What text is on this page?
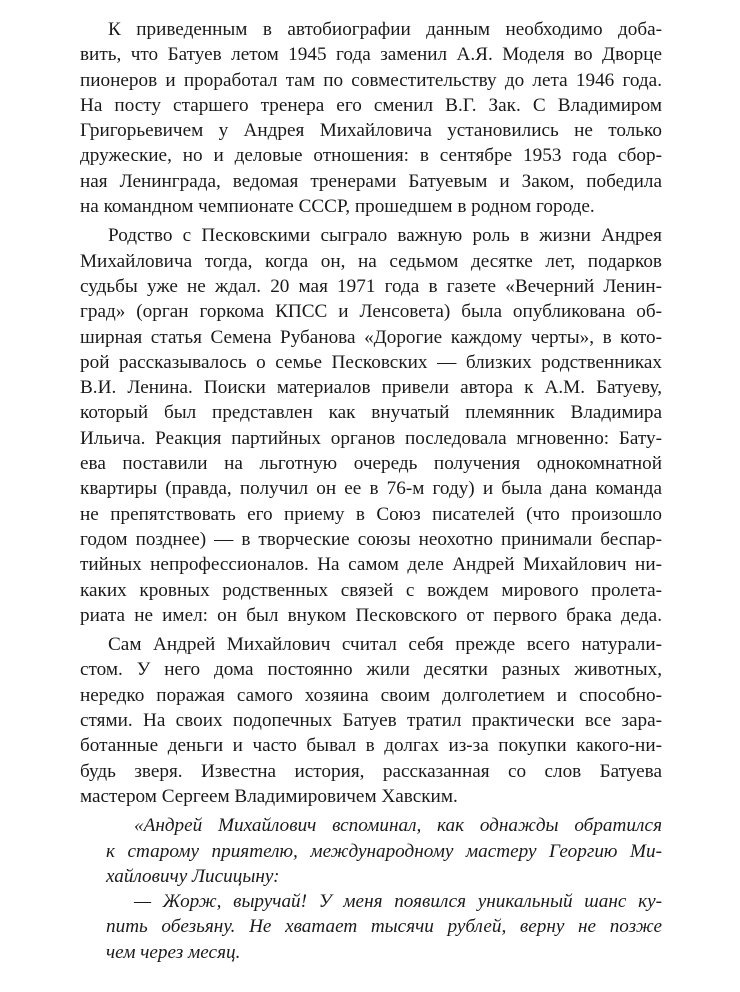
К приведенным в автобиографии данным необходимо доба-
вить, что Батуев летом 1945 года заменил А.Я. Моделя во Дворце
пионеров и проработал там по совместительству до лета 1946 года.
На посту старшего тренера его сменил В.Г. Зак. С Владимиром
Григорьевичем у Андрея Михайловича установились не только
дружеские, но и деловые отношения: в сентябре 1953 года сбор-
ная Ленинграда, ведомая тренерами Батуевым и Заком, победила
на командном чемпионате СССР, прошедшем в родном городе.
Родство с Песковскими сыграло важную роль в жизни Андрея
Михайловича тогда, когда он, на седьмом десятке лет, подарков
судьбы уже не ждал. 20 мая 1971 года в газете «Вечерний Ленин-
град» (орган горкома КПСС и Ленсовета) была опубликована об-
ширная статья Семена Рубанова «Дорогие каждому черты», в кото-
рой рассказывалось о семье Песковских — близких родственниках
В.И. Ленина. Поиски материалов привели автора к А.М. Батуеву,
который был представлен как внучатый племянник Владимира
Ильича. Реакция партийных органов последовала мгновенно: Бату-
ева поставили на льготную очередь получения однокомнатной
квартиры (правда, получил он ее в 76-м году) и была дана команда
не препятствовать его приему в Союз писателей (что произошло
годом позднее) — в творческие союзы неохотно принимали беспар-
тийных непрофессионалов. На самом деле Андрей Михайлович ни-
каких кровных родственных связей с вождем мирового пролета-
риата не имел: он был внуком Песковского от первого брака деда.
Сам Андрей Михайлович считал себя прежде всего натурали-
стом. У него дома постоянно жили десятки разных животных,
нередко поражая самого хозяина своим долголетием и способно-
стями. На своих подопечных Батуев тратил практически все зара-
ботанные деньги и часто бывал в долгах из-за покупки какого-ни-
будь зверя. Известна история, рассказанная со слов Батуева
мастером Сергеем Владимировичем Хавским.
«Андрей Михайлович вспоминал, как однажды обратился
к старому приятелю, международному мастеру Георгию Ми-
хайловичу Лисицыну:
— Жорж, выручай! У меня появился уникальный шанс ку-
пить обезьяну. Не хватает тысячи рублей, верну не позже
чем через месяц.
